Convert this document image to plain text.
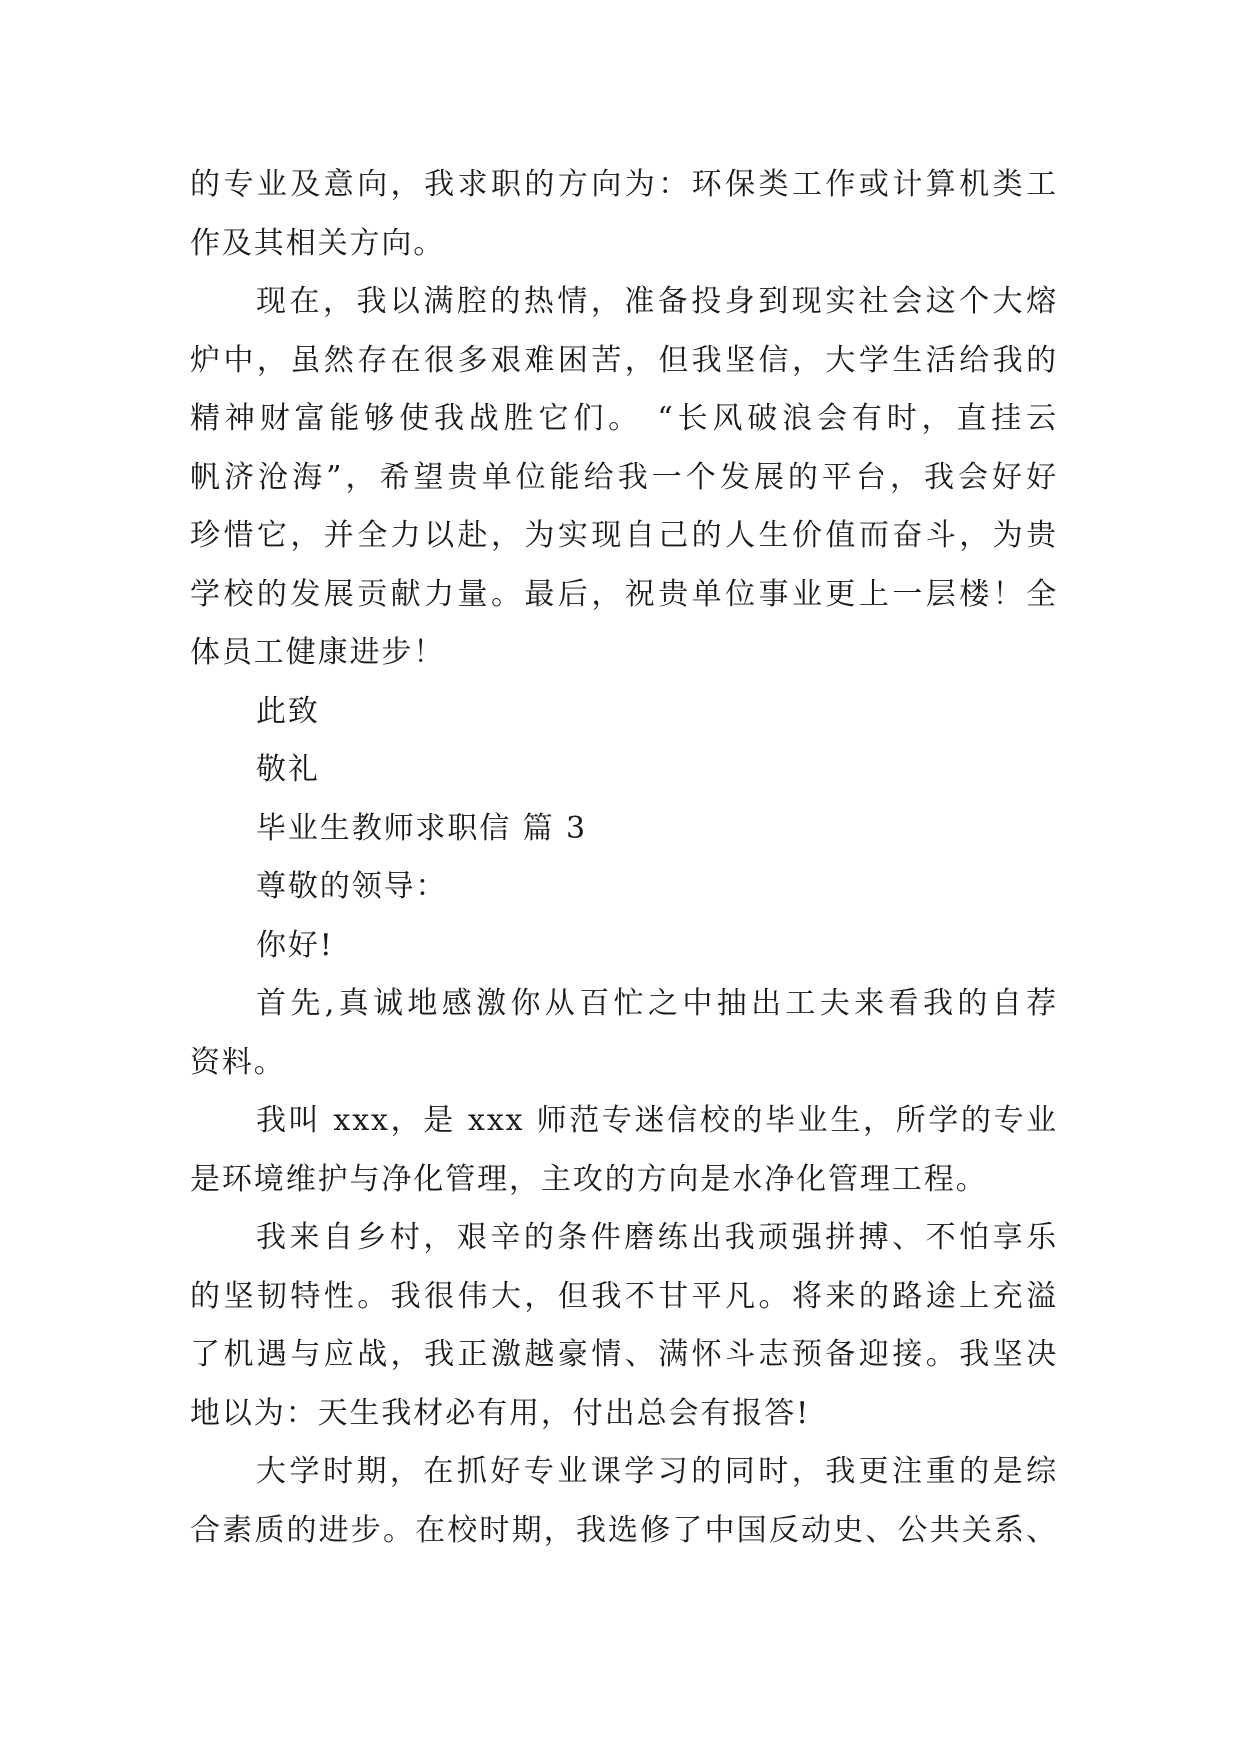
的专业及意向，我求职的方向为：环保类工作或计算机类工
作及其相关方向。
现在，我以满腔的热情，准备投身到现实社会这个大熔
炉中，虽然存在很多艰难困苦，但我坚信，大学生活给我的
精神财富能够使我战胜它们。 “长风破浪会有时，直挂云
帆济沧海”，希望贵单位能给我一个发展的平台，我会好好
珍惜它，并全力以赴，为实现自己的人生价值而奋斗，为贵
学校的发展贡献力量。最后，祝贵单位事业更上一层楼！全
体员工健康进步！
此致
敬礼
毕业生教师求职信 篇 3
尊敬的领导：
你好!
首先,真诚地感激你从百忙之中抽出工夫来看我的自荐
资料。
我叫 xxx，是 xxx 师范专迷信校的毕业生，所学的专业
是环境维护与净化管理，主攻的方向是水净化管理工程。
我来自乡村，艰辛的条件磨练出我顽强拼搏、不怕享乐
的坚韧特性。我很伟大，但我不甘平凡。将来的路途上充溢
了机遇与应战，我正激越豪情、满怀斗志预备迎接。我坚决
地以为：天生我材必有用，付出总会有报答!
大学时期，在抓好专业课学习的同时，我更注重的是综
合素质的进步。在校时期，我选修了中国反动史、公共关系、
